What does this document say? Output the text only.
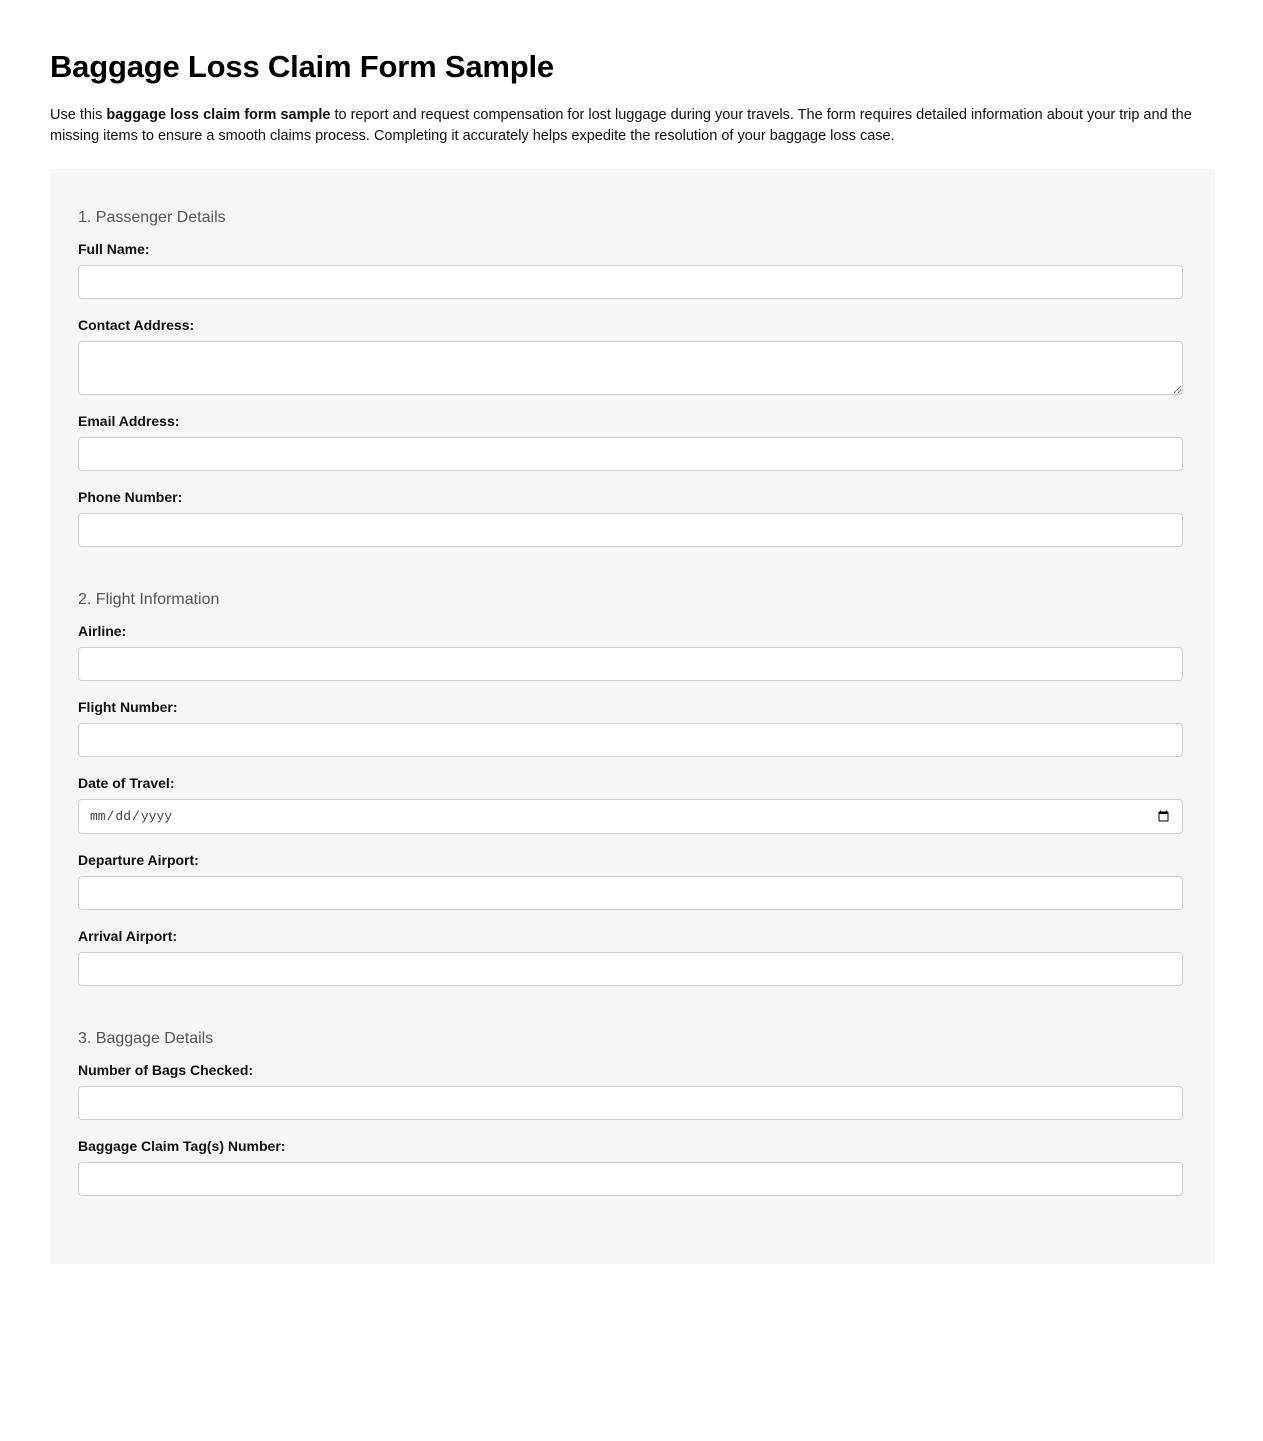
Baggage Loss Claim Form Sample

Use this baggage loss claim form sample to report and request compensation for lost luggage during your travels. The form requires detailed information about your trip and the missing items to ensure a smooth claims process. Completing it accurately helps expedite the resolution of your baggage loss case.

1. Passenger Details
Full Name:
Contact Address:
Email Address:
Phone Number:
2. Flight Information
Airline:
Flight Number:
Date of Travel:
Departure Airport:
Arrival Airport:
3. Baggage Details
Number of Bags Checked:
Baggage Claim Tag(s) Number:
